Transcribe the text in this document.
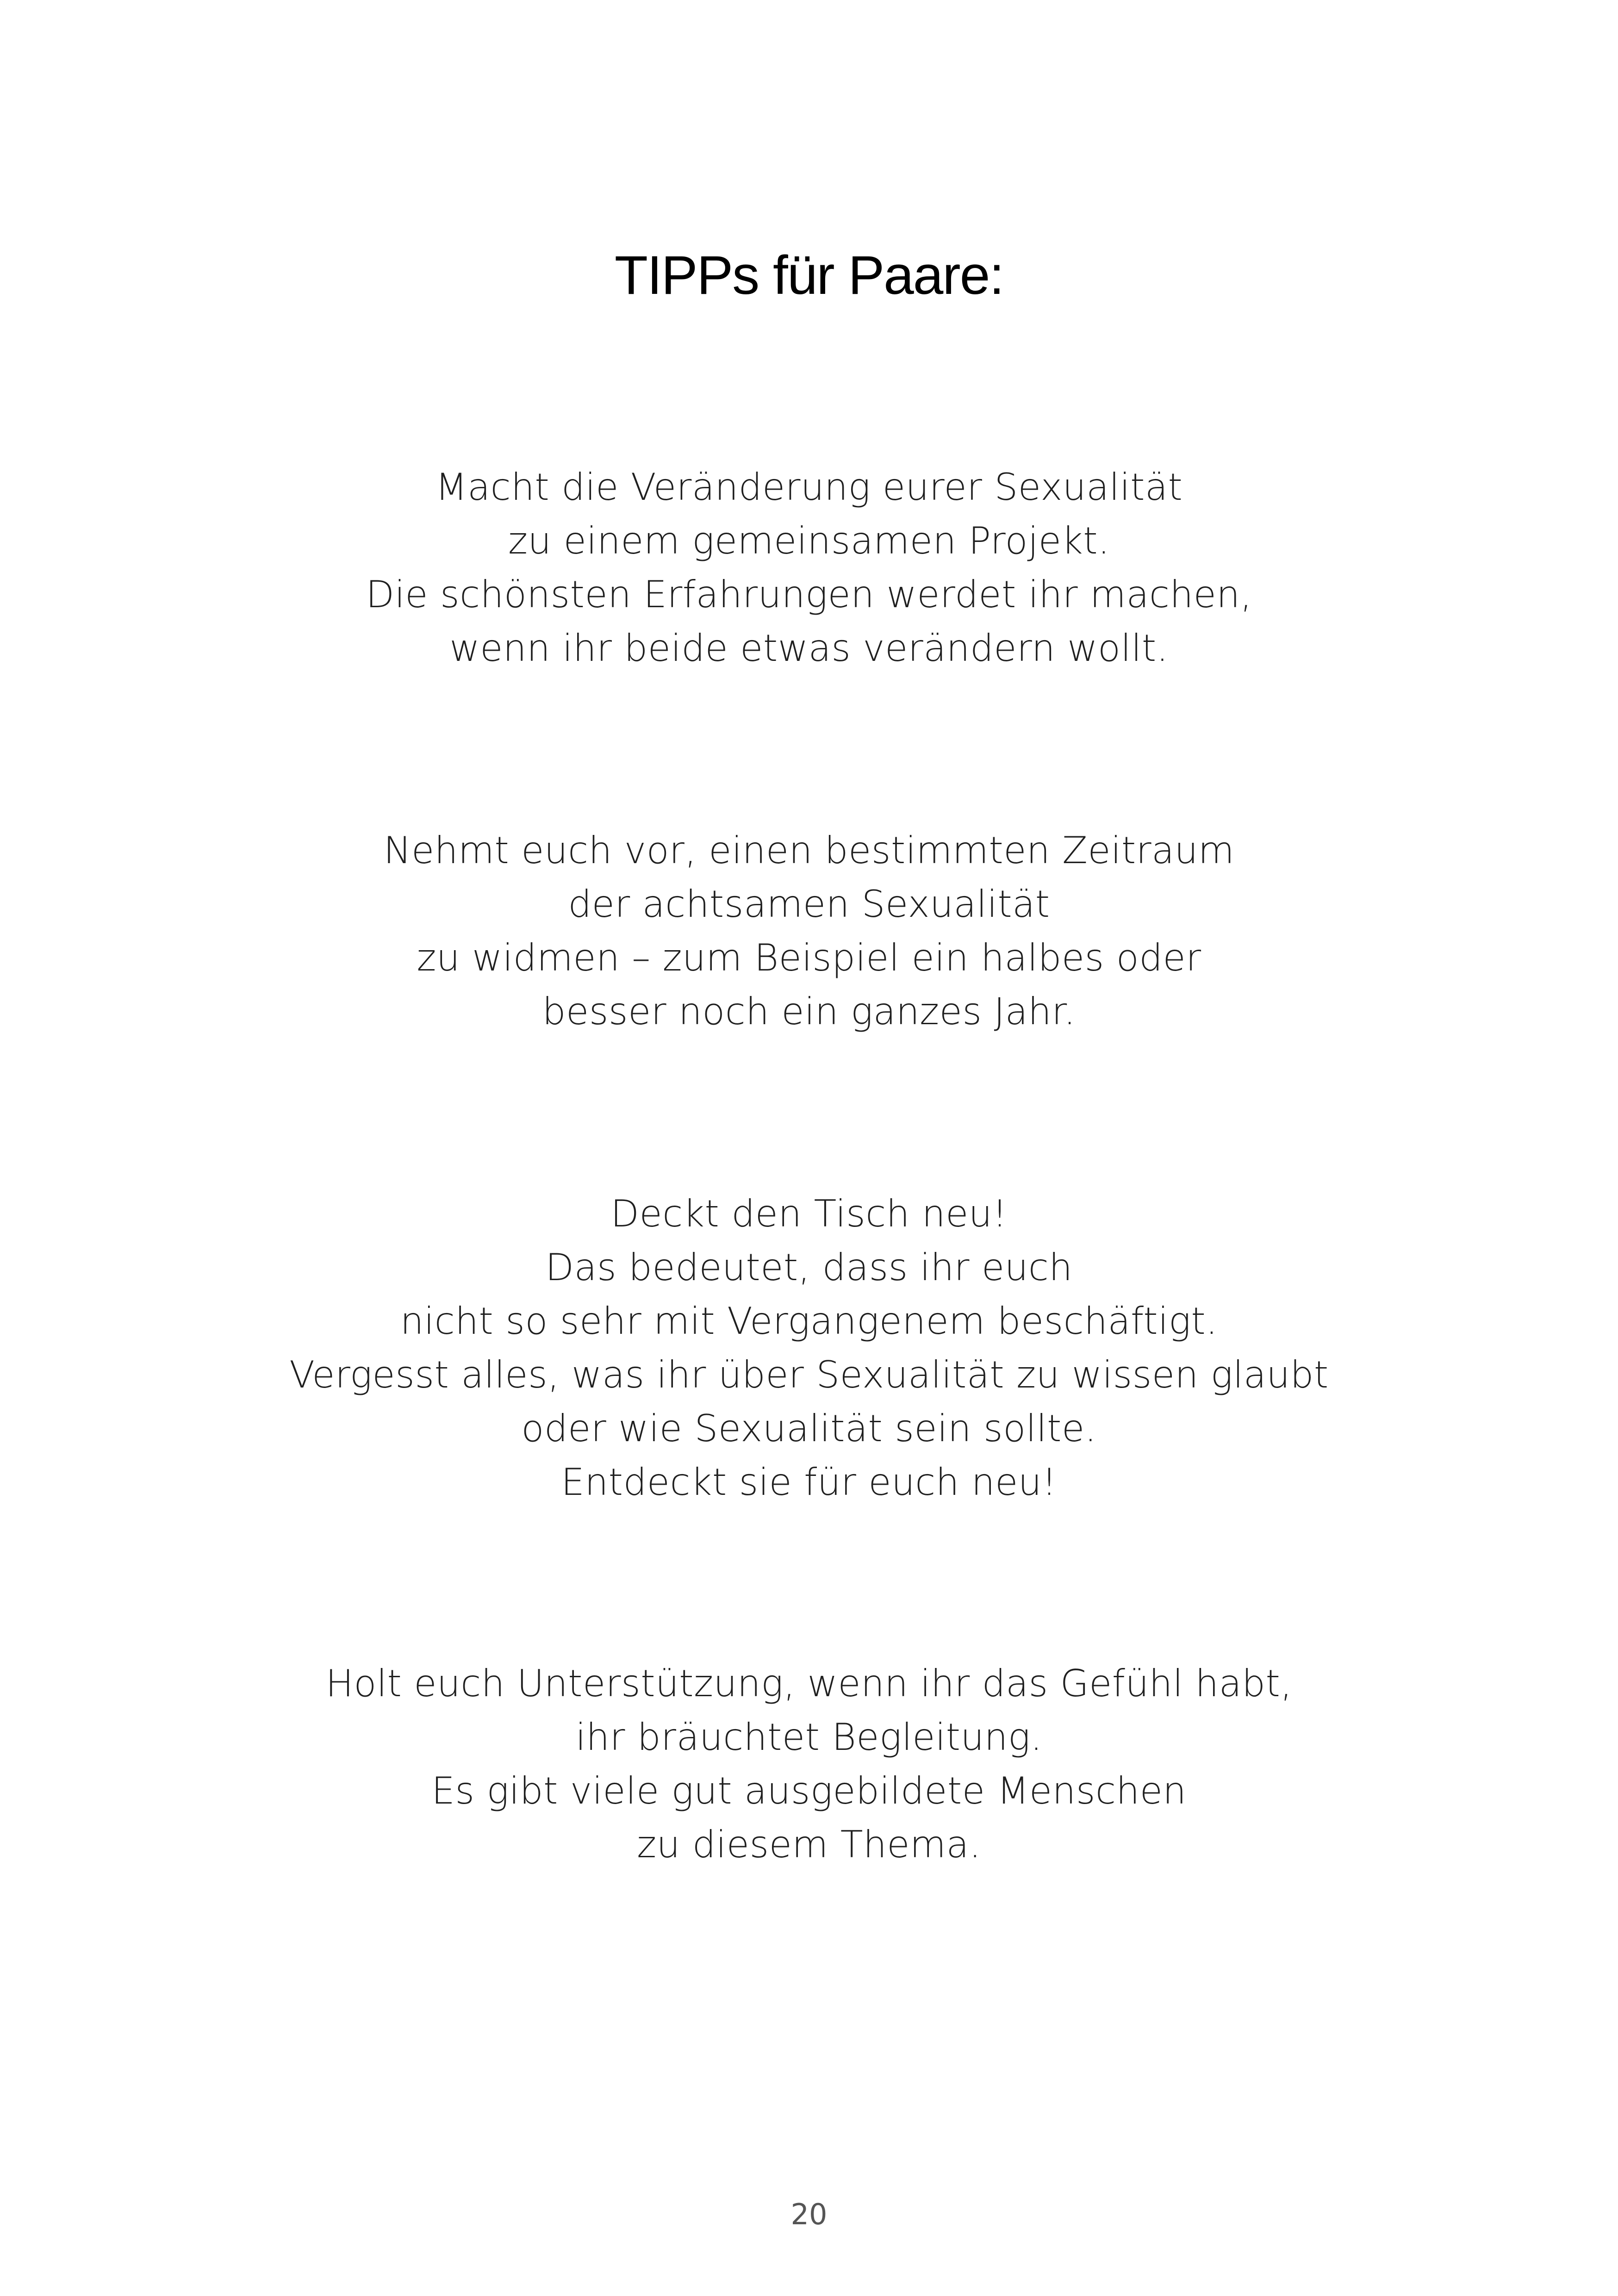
TIPPs für Paare:

Macht die Veränderung eurer Sexualität
zu einem gemeinsamen Projekt.
Die schönsten Erfahrungen werdet ihr machen,
wenn ihr beide etwas verändern wollt.

Nehmt euch vor, einen bestimmten Zeitraum
der achtsamen Sexualität
zu widmen – zum Beispiel ein halbes oder
besser noch ein ganzes Jahr.

Deckt den Tisch neu!
Das bedeutet, dass ihr euch
nicht so sehr mit Vergangenem beschäftigt.
Vergesst alles, was ihr über Sexualität zu wissen glaubt
oder wie Sexualität sein sollte.
Entdeckt sie für euch neu!

Holt euch Unterstützung, wenn ihr das Gefühl habt,
ihr bräuchtet Begleitung.
Es gibt viele gut ausgebildete Menschen
zu diesem Thema.

20
